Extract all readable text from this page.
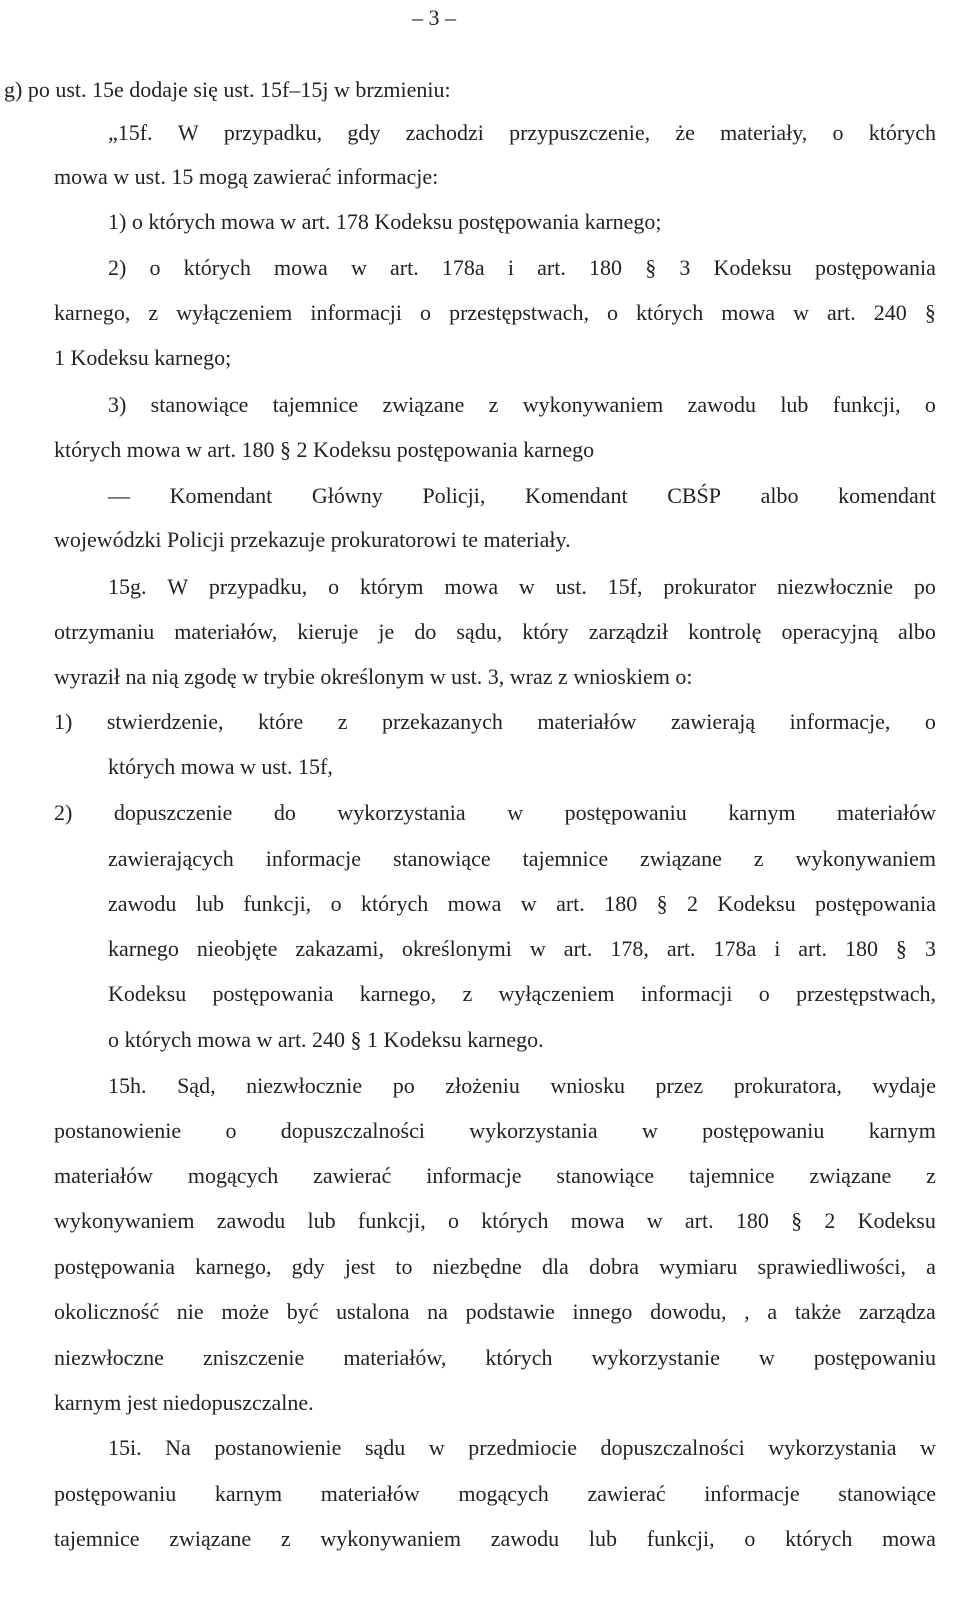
– 3 –
g) po ust. 15e dodaje się ust. 15f–15j w brzmieniu:
„15f. W przypadku, gdy zachodzi przypuszczenie, że materiały, o których
mowa w ust. 15 mogą zawierać informacje:
1) o których mowa w art. 178 Kodeksu postępowania karnego;
2) o których mowa w art. 178a i art. 180 § 3 Kodeksu postępowania
karnego, z wyłączeniem informacji o przestępstwach, o których mowa w art. 240 §
1 Kodeksu karnego;
3) stanowiące tajemnice związane z wykonywaniem zawodu lub funkcji, o
których mowa w art. 180 § 2 Kodeksu postępowania karnego
— Komendant Główny Policji, Komendant CBŚP albo komendant
wojewódzki Policji przekazuje prokuratorowi te materiały.
15g. W przypadku, o którym mowa w ust. 15f, prokurator niezwłocznie po
otrzymaniu materiałów, kieruje je do sądu, który zarządził kontrolę operacyjną albo
wyraził na nią zgodę w trybie określonym w ust. 3, wraz z wnioskiem o:
1) stwierdzenie, które z przekazanych materiałów zawierają informacje, o
których mowa w ust. 15f,
2) dopuszczenie do wykorzystania w postępowaniu karnym materiałów
zawierających informacje stanowiące tajemnice związane z wykonywaniem
zawodu lub funkcji, o których mowa w art. 180 § 2 Kodeksu postępowania
karnego nieobjęte zakazami, określonymi w art. 178, art. 178a i art. 180 § 3
Kodeksu postępowania karnego, z wyłączeniem informacji o przestępstwach,
o których mowa w art. 240 § 1 Kodeksu karnego.
15h. Sąd, niezwłocznie po złożeniu wniosku przez prokuratora, wydaje
postanowienie o dopuszczalności wykorzystania w postępowaniu karnym
materiałów mogących zawierać informacje stanowiące tajemnice związane z
wykonywaniem zawodu lub funkcji, o których mowa w art. 180 § 2 Kodeksu
postępowania karnego, gdy jest to niezbędne dla dobra wymiaru sprawiedliwości, a
okoliczność nie może być ustalona na podstawie innego dowodu, , a także zarządza
niezwłoczne zniszczenie materiałów, których wykorzystanie w postępowaniu
karnym jest niedopuszczalne.
15i. Na postanowienie sądu w przedmiocie dopuszczalności wykorzystania w
postępowaniu karnym materiałów mogących zawierać informacje stanowiące
tajemnice związane z wykonywaniem zawodu lub funkcji, o których mowa
